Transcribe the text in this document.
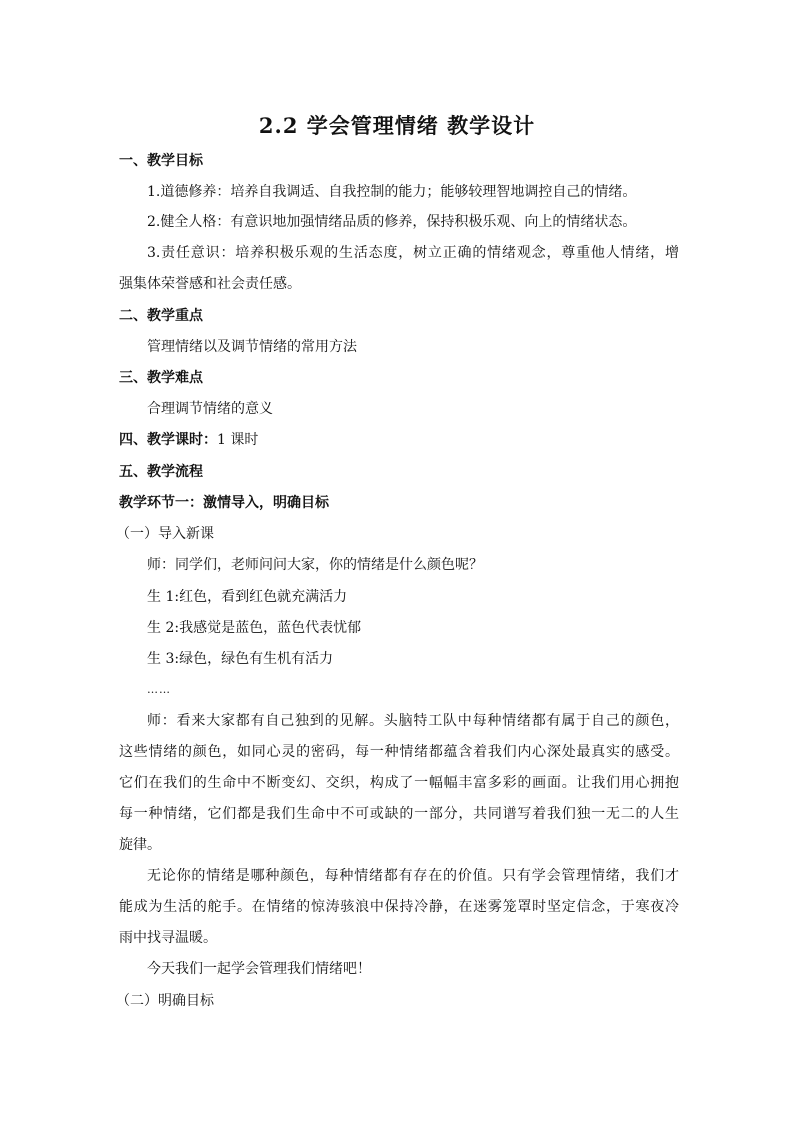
2.2 学会管理情绪 教学设计
一、教学目标
1.道德修养：培养自我调适、自我控制的能力；能够较理智地调控自己的情绪。
2.健全人格：有意识地加强情绪品质的修养，保持积极乐观、向上的情绪状态。
3.责任意识：培养积极乐观的生活态度，树立正确的情绪观念，尊重他人情绪，增
强集体荣誉感和社会责任感。
二、教学重点
管理情绪以及调节情绪的常用方法
三、教学难点
合理调节情绪的意义
四、教学课时：1 课时
五、教学流程
教学环节一：激情导入，明确目标
（一）导入新课
师：同学们，老师问问大家，你的情绪是什么颜色呢？
生 1:红色，看到红色就充满活力
生 2:我感觉是蓝色，蓝色代表忧郁
生 3:绿色，绿色有生机有活力
……
师：看来大家都有自己独到的见解。头脑特工队中每种情绪都有属于自己的颜色，
这些情绪的颜色，如同心灵的密码，每一种情绪都蕴含着我们内心深处最真实的感受。
它们在我们的生命中不断变幻、交织，构成了一幅幅丰富多彩的画面。让我们用心拥抱
每一种情绪，它们都是我们生命中不可或缺的一部分，共同谱写着我们独一无二的人生
旋律。
无论你的情绪是哪种颜色，每种情绪都有存在的价值。只有学会管理情绪，我们才
能成为生活的舵手。在情绪的惊涛骇浪中保持冷静，在迷雾笼罩时坚定信念，于寒夜冷
雨中找寻温暖。
今天我们一起学会管理我们情绪吧！
（二）明确目标
